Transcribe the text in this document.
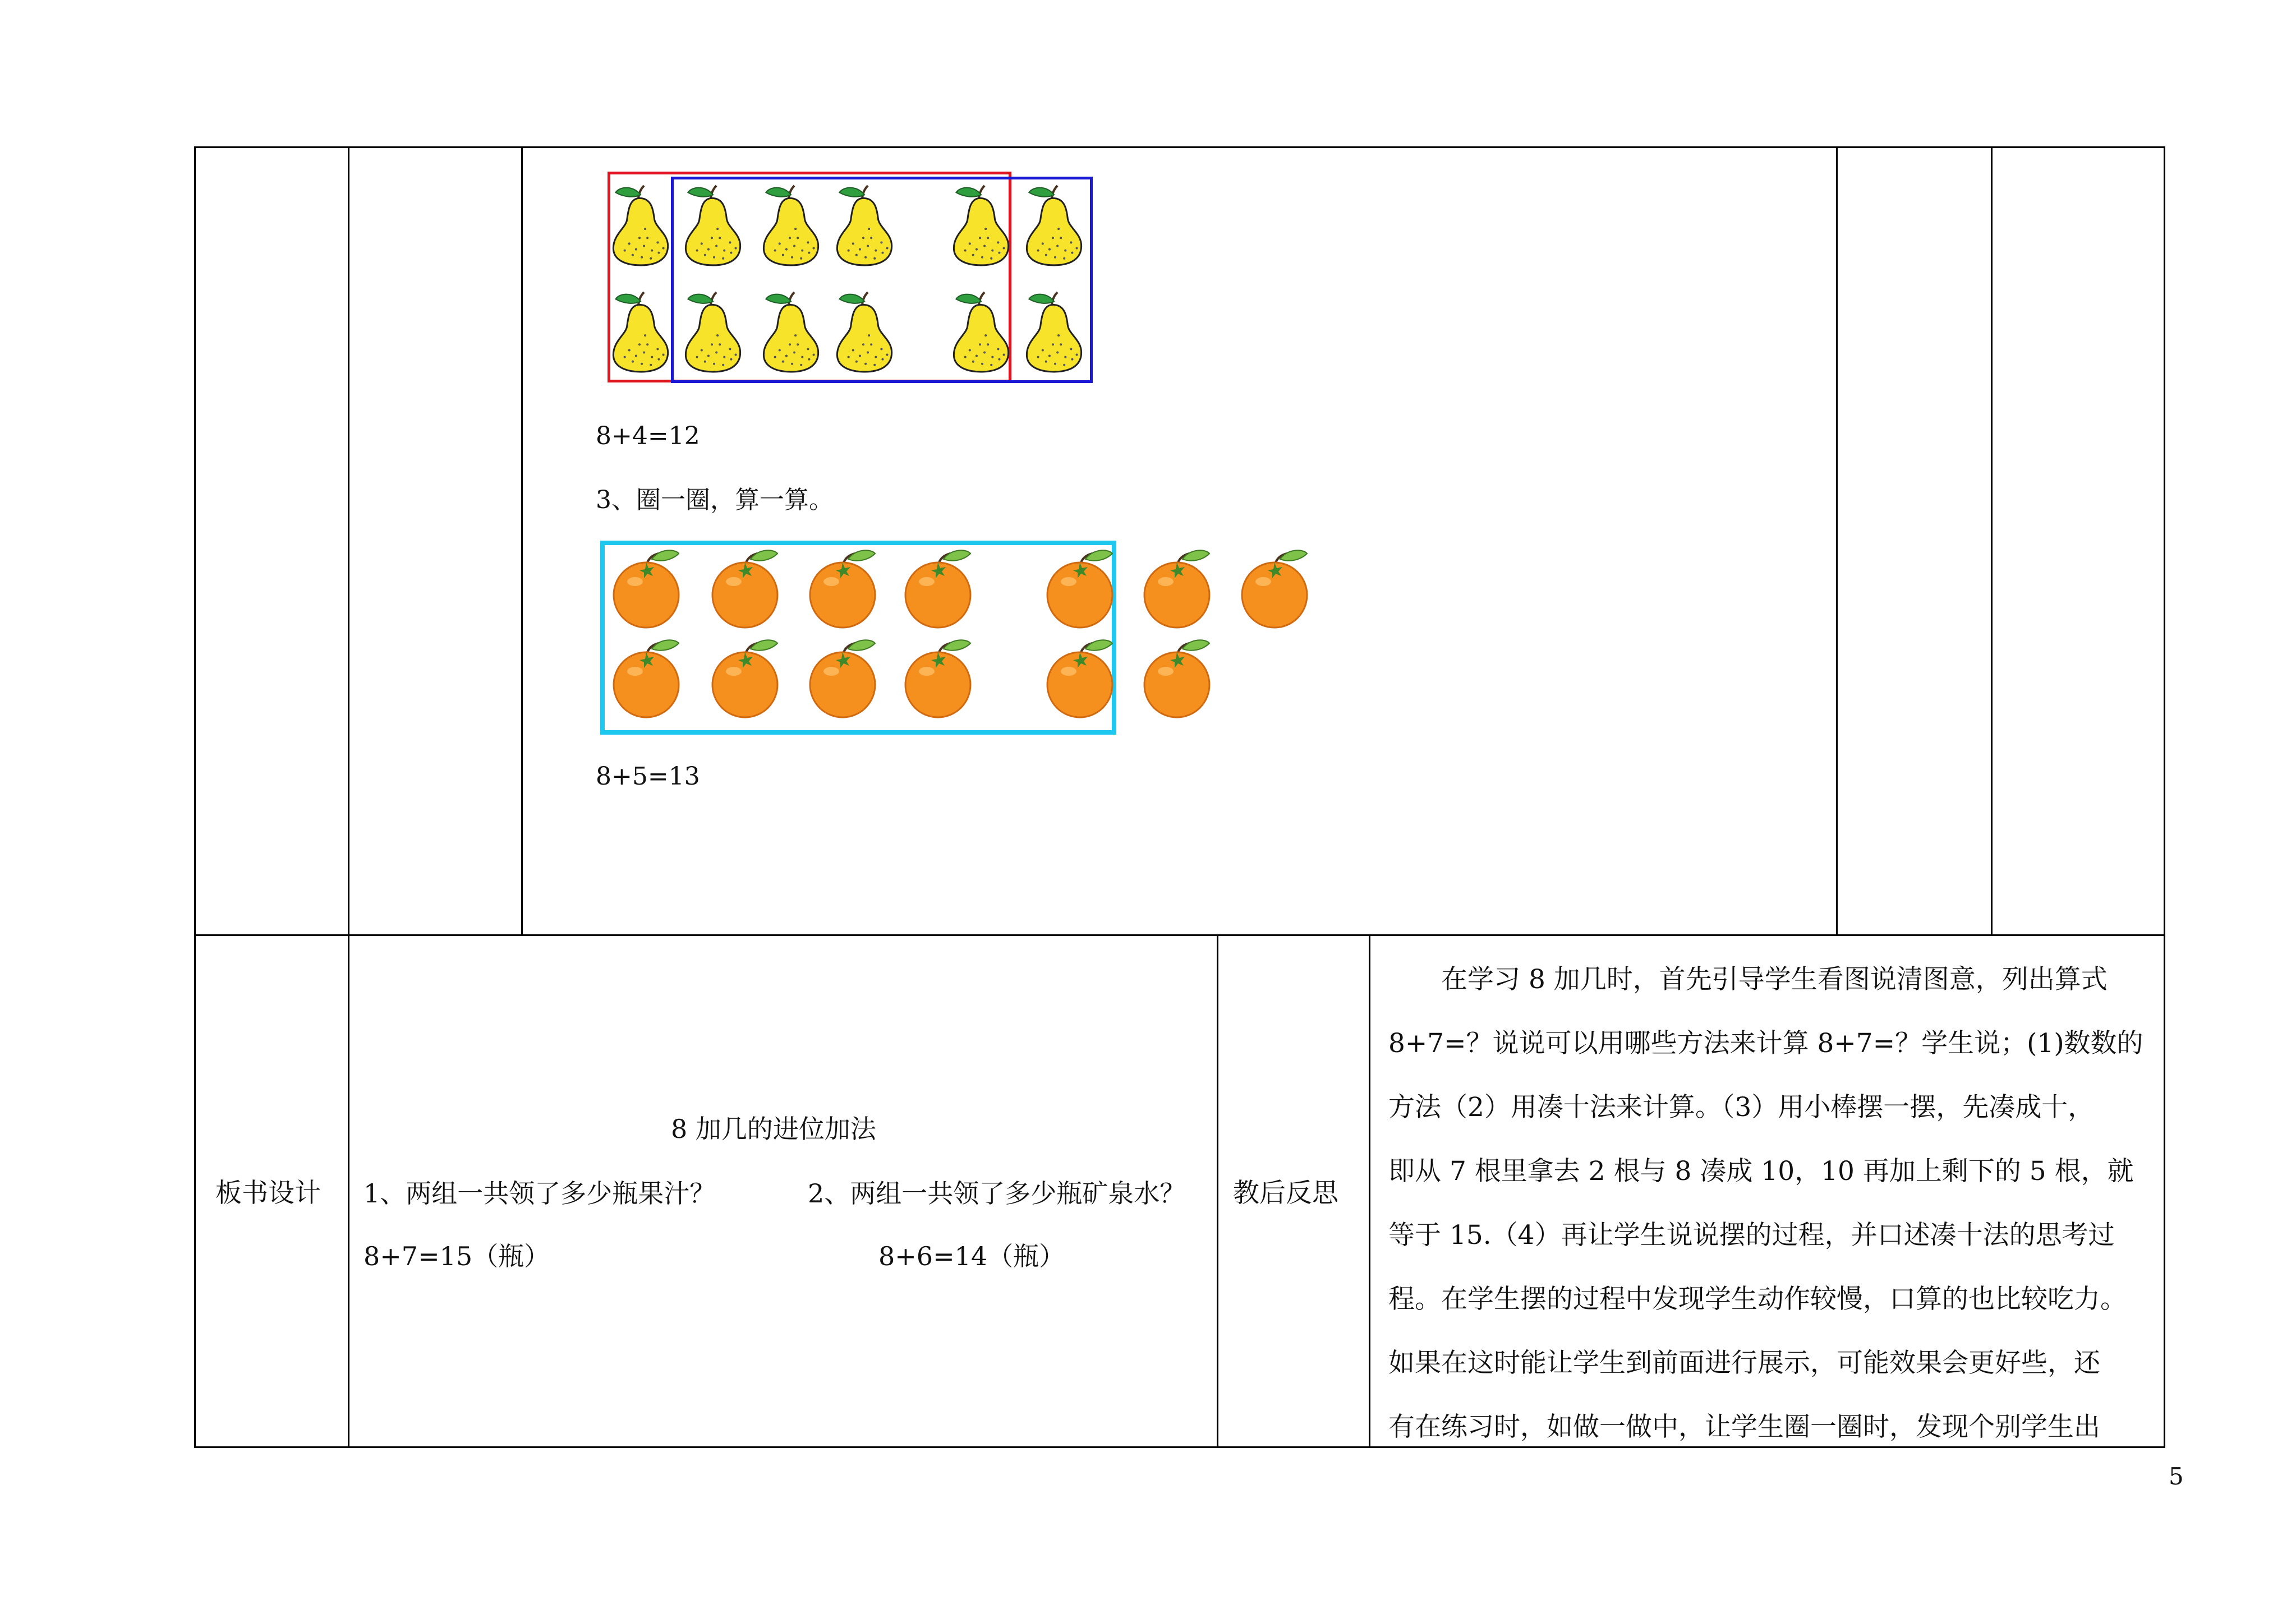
8+4=12
3、圈一圈，算一算。
8+5=13
板书设计
8 加几的进位加法
1、两组一共领了多少瓶果汁？	2、两组一共领了多少瓶矿泉水？
8+7=15（瓶）	8+6=14（瓶）
教后反思
　　在学习 8 加几时，首先引导学生看图说清图意，列出算式
8+7=？说说可以用哪些方法来计算 8+7=？学生说；(1)数数的
方法（2）用凑十法来计算。（3）用小棒摆一摆，先凑成十，
即从 7 根里拿去 2 根与 8 凑成 10，10 再加上剩下的 5 根，就
等于 15.（4）再让学生说说摆的过程，并口述凑十法的思考过
程。在学生摆的过程中发现学生动作较慢，口算的也比较吃力。
如果在这时能让学生到前面进行展示，可能效果会更好些，还
有在练习时，如做一做中，让学生圈一圈时，发现个别学生出
5
